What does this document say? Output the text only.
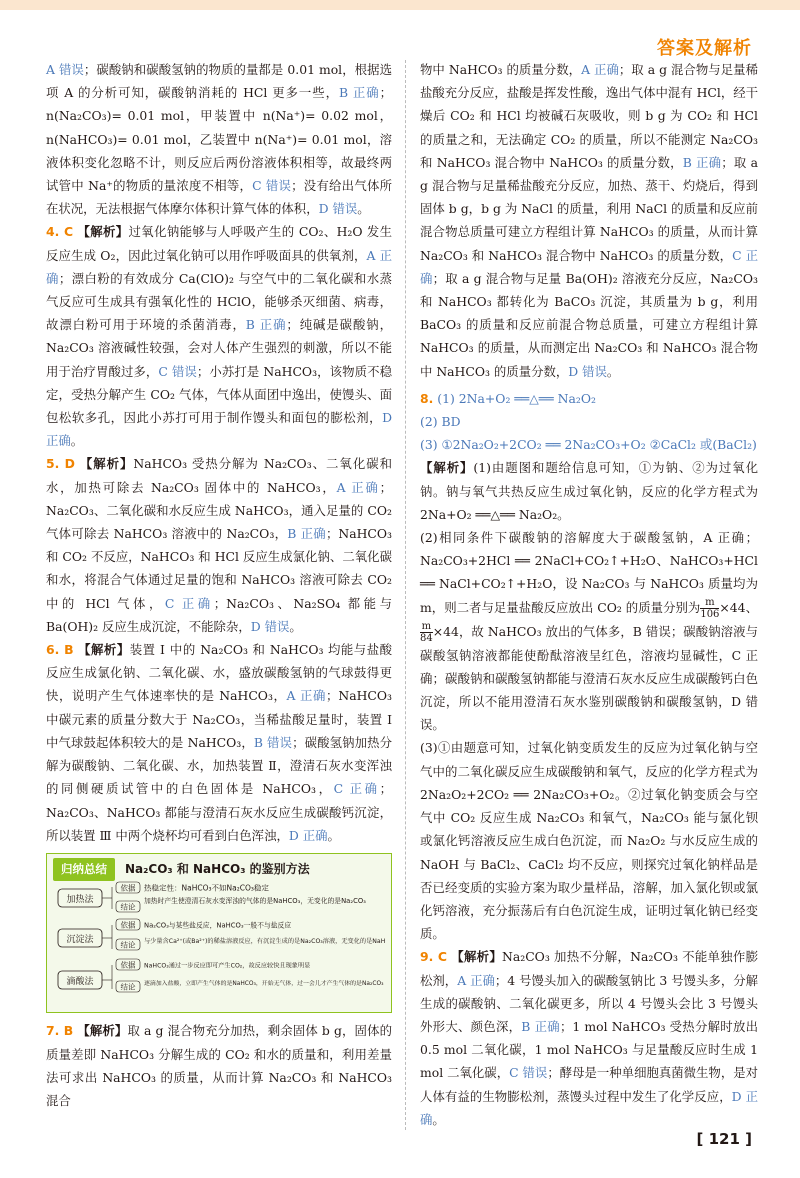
答案及解析

A 错误；碳酸钠和碳酸氢钠的物质的量都是 0.01 mol，根据选项 A 的分析可知，碳酸钠消耗的 HCl 更多一些，B 正确；n(Na₂CO₃)= 0.01 mol，甲装置中 n(Na⁺)= 0.02 mol，n(NaHCO₃)= 0.01 mol，乙装置中 n(Na⁺)= 0.01 mol，溶液体积变化忽略不计，则反应后两份溶液体积相等，故最终两试管中 Na⁺的物质的量浓度不相等，C 错误；没有给出气体所在状况，无法根据气体摩尔体积计算气体的体积，D 错误。

4. C 【解析】过氧化钠能够与人呼吸产生的 CO₂、H₂O 发生反应生成 O₂，因此过氧化钠可以用作呼吸面具的供氧剂，A 正确；漂白粉的有效成分 Ca(ClO)₂ 与空气中的二氧化碳和水蒸气反应可生成具有强氧化性的 HClO，能够杀灭细菌、病毒，故漂白粉可用于环境的杀菌消毒，B 正确；纯碱是碳酸钠，Na₂CO₃ 溶液碱性较强，会对人体产生强烈的刺激，所以不能用于治疗胃酸过多，C 错误；小苏打是 NaHCO₃，该物质不稳定，受热分解产生 CO₂ 气体，气体从面团中逸出，使馒头、面包松软多孔，因此小苏打可用于制作馒头和面包的膨松剂，D 正确。

5. D 【解析】NaHCO₃ 受热分解为 Na₂CO₃、二氧化碳和水，加热可除去 Na₂CO₃ 固体中的 NaHCO₃，A 正确；Na₂CO₃、二氧化碳和水反应生成 NaHCO₃，通入足量的 CO₂ 气体可除去 NaHCO₃ 溶液中的 Na₂CO₃，B 正确；NaHCO₃ 和 CO₂ 不反应，NaHCO₃ 和 HCl 反应生成氯化钠、二氧化碳和水，将混合气体通过足量的饱和 NaHCO₃ 溶液可除去 CO₂ 中的 HCl 气体，C 正确；Na₂CO₃、Na₂SO₄ 都能与 Ba(OH)₂ 反应生成沉淀，不能除杂，D 错误。

6. B 【解析】装置 Ⅰ 中的 Na₂CO₃ 和 NaHCO₃ 均能与盐酸反应生成氯化钠、二氧化碳、水，盛放碳酸氢钠的气球鼓得更快，说明产生气体速率快的是 NaHCO₃，A 正确；NaHCO₃ 中碳元素的质量分数大于 Na₂CO₃，当稀盐酸足量时，装置 Ⅰ 中气球鼓起体积较大的是 NaHCO₃，B 错误；碳酸氢钠加热分解为碳酸钠、二氧化碳、水，加热装置 Ⅱ，澄清石灰水变浑浊的同侧硬质试管中的白色固体是 NaHCO₃，C 正确；Na₂CO₃、NaHCO₃ 都能与澄清石灰水反应生成碳酸钙沉淀，所以装置 Ⅲ 中两个烧杯均可看到白色浑浊，D 正确。

归纳总结 Na₂CO₃ 和 NaHCO₃ 的鉴别方法
加热法
依据 热稳定性：NaHCO₃不如Na₂CO₃稳定
结论
加热时产生使澄清石灰水变浑浊的气体的是NaHCO₃，无变化的是Na₂CO₃
沉淀法
依据 Na₂CO₃与某些盐反应，NaHCO₃一般不与盐反应
结论 与少量含Ca²⁺(或Ba²⁺)的稀盐溶液反应，有沉淀生成的是Na₂CO₃溶液，无变化的是NaHCO₃溶液
滴酸法
依据 NaHCO₃通过一步反应即可产生CO₂，故反应较快且现象明显
结论 逐滴加入盐酸，立即产生气体的是NaHCO₃，开始无气体，过一会儿才产生气体的是Na₂CO₃

7. B 【解析】取 a g 混合物充分加热，剩余固体 b g，固体的质量差即 NaHCO₃ 分解生成的 CO₂ 和水的质量和，利用差量法可求出 NaHCO₃ 的质量，从而计算 Na₂CO₃ 和 NaHCO₃ 混合

物中 NaHCO₃ 的质量分数，A 正确；取 a g 混合物与足量稀盐酸充分反应，盐酸是挥发性酸，逸出气体中混有 HCl，经干燥后 CO₂ 和 HCl 均被碱石灰吸收，则 b g 为 CO₂ 和 HCl 的质量之和，无法确定 CO₂ 的质量，所以不能测定 Na₂CO₃ 和 NaHCO₃ 混合物中 NaHCO₃ 的质量分数，B 正确；取 a g 混合物与足量稀盐酸充分反应，加热、蒸干、灼烧后，得到固体 b g，b g 为 NaCl 的质量，利用 NaCl 的质量和反应前混合物总质量可建立方程组计算 NaHCO₃ 的质量，从而计算 Na₂CO₃ 和 NaHCO₃ 混合物中 NaHCO₃ 的质量分数，C 正确；取 a g 混合物与足量 Ba(OH)₂ 溶液充分反应，Na₂CO₃ 和 NaHCO₃ 都转化为 BaCO₃ 沉淀，其质量为 b g，利用 BaCO₃ 的质量和反应前混合物总质量，可建立方程组计算 NaHCO₃ 的质量，从而测定出 Na₂CO₃ 和 NaHCO₃ 混合物中 NaHCO₃ 的质量分数，D 错误。

8. (1) 2Na+O₂ ══△══ Na₂O₂

(2) BD

(3) ①2Na₂O₂+2CO₂ ══ 2Na₂CO₃+O₂ ②CaCl₂ 或(BaCl₂)

【解析】(1)由题图和题给信息可知，①为钠、②为过氧化钠。钠与氧气共热反应生成过氧化钠，反应的化学方程式为 2Na+O₂ ══△══ Na₂O₂。

(2)相同条件下碳酸钠的溶解度大于碳酸氢钠，A 正确；Na₂CO₃+2HCl ══ 2NaCl+CO₂↑+H₂O、NaHCO₃+HCl ══ NaCl+CO₂↑+H₂O，设 Na₂CO₃ 与 NaHCO₃ 质量均为 m，则二者与足量盐酸反应放出 CO₂ 的质量分别为 $\frac{m}{106} \times 44$、
$\frac{m}{84} \times 44$，故 NaHCO₃ 放出的气体多，B 错误；碳酸钠溶液与碳酸氢钠溶液都能使酚酞溶液呈红色，溶液均显碱性，C 正确；碳酸钠和碳酸氢钠都能与澄清石灰水反应生成碳酸钙白色沉淀，所以不能用澄清石灰水鉴别碳酸钠和碳酸氢钠，D 错误。

(3)①由题意可知，过氧化钠变质发生的反应为过氧化钠与空气中的二氧化碳反应生成碳酸钠和氧气，反应的化学方程式为 2Na₂O₂+2CO₂ ══ 2Na₂CO₃+O₂。②过氧化钠变质会与空气中 CO₂ 反应生成 Na₂CO₃ 和氧气，Na₂CO₃ 能与氯化钡或氯化钙溶液反应生成白色沉淀，而 Na₂O₂ 与水反应生成的 NaOH 与 BaCl₂、CaCl₂ 均不反应，则探究过氧化钠样品是否已经变质的实验方案为取少量样品，溶解，加入氯化钡或氯化钙溶液，充分振荡后有白色沉淀生成，证明过氧化钠已经变质。

9. C 【解析】Na₂CO₃ 加热不分解，Na₂CO₃ 不能单独作膨松剂，A 正确；4 号馒头加入的碳酸氢钠比 3 号馒头多，分解生成的碳酸钠、二氧化碳更多，所以 4 号馒头会比 3 号馒头外形大、颜色深，B 正确；1 mol NaHCO₃ 受热分解时放出 0.5 mol 二氧化碳，1 mol NaHCO₃ 与足量酸反应时生成 1 mol 二氧化碳，C 错误；酵母是一种单细胞真菌微生物，是对人体有益的生物膨松剂，蒸馒头过程中发生了化学反应，D 正确。

[ 121 ]
